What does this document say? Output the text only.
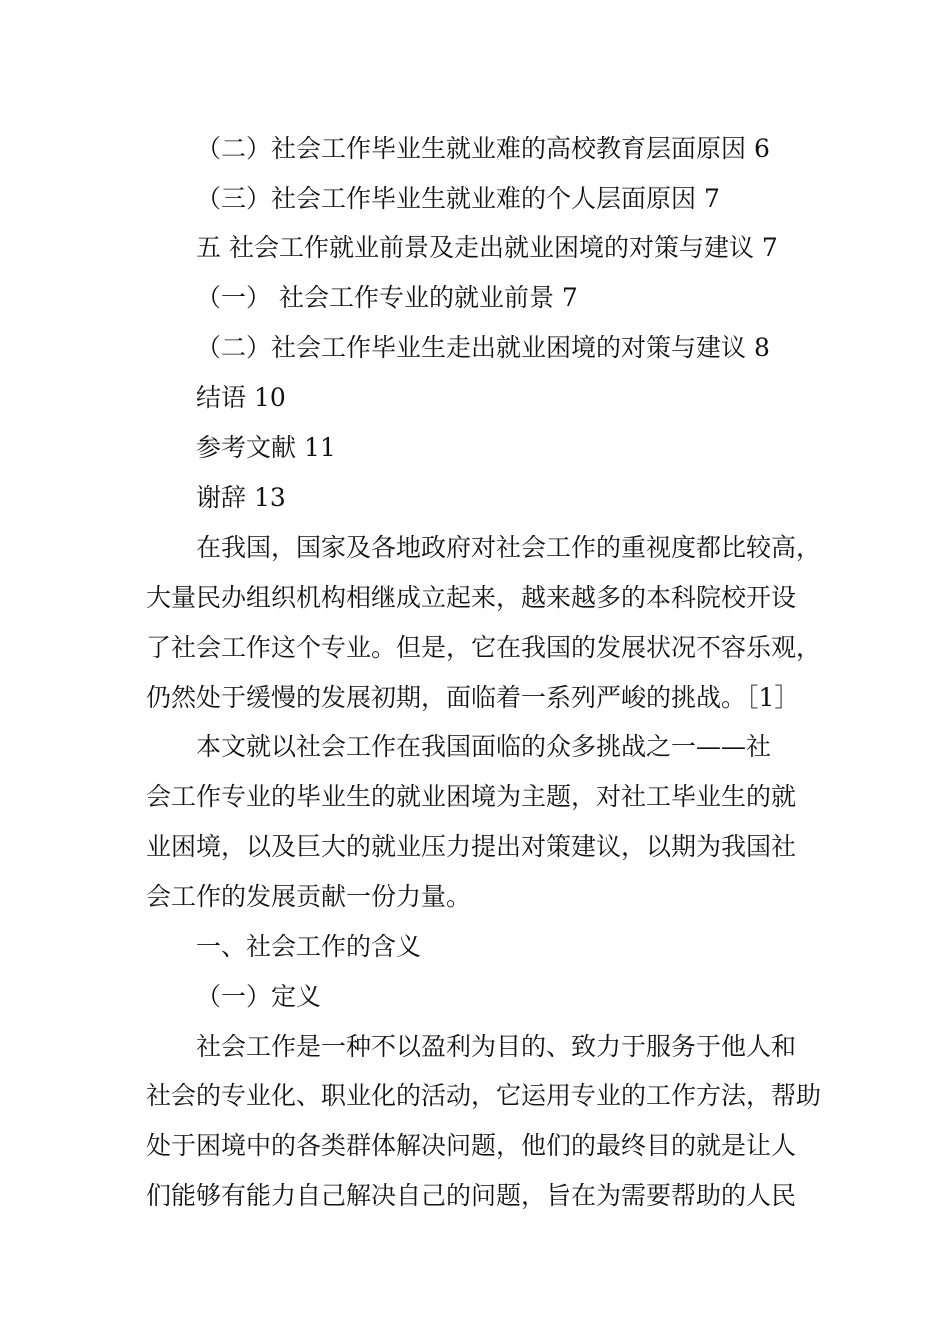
（二）社会工作毕业生就业难的高校教育层面原因 6
（三）社会工作毕业生就业难的个人层面原因 7
五 社会工作就业前景及走出就业困境的对策与建议 7
（一） 社会工作专业的就业前景 7
（二）社会工作毕业生走出就业困境的对策与建议 8
结语 10
参考文献 11
谢辞 13
在我国，国家及各地政府对社会工作的重视度都比较高，
大量民办组织机构相继成立起来，越来越多的本科院校开设
了社会工作这个专业。但是，它在我国的发展状况不容乐观，
仍然处于缓慢的发展初期，面临着一系列严峻的挑战。［1］
本文就以社会工作在我国面临的众多挑战之一——社
会工作专业的毕业生的就业困境为主题，对社工毕业生的就
业困境，以及巨大的就业压力提出对策建议，以期为我国社
会工作的发展贡献一份力量。
一、社会工作的含义
（一）定义
社会工作是一种不以盈利为目的、致力于服务于他人和
社会的专业化、职业化的活动，它运用专业的工作方法，帮助
处于困境中的各类群体解决问题，他们的最终目的就是让人
们能够有能力自己解决自己的问题，旨在为需要帮助的人民
